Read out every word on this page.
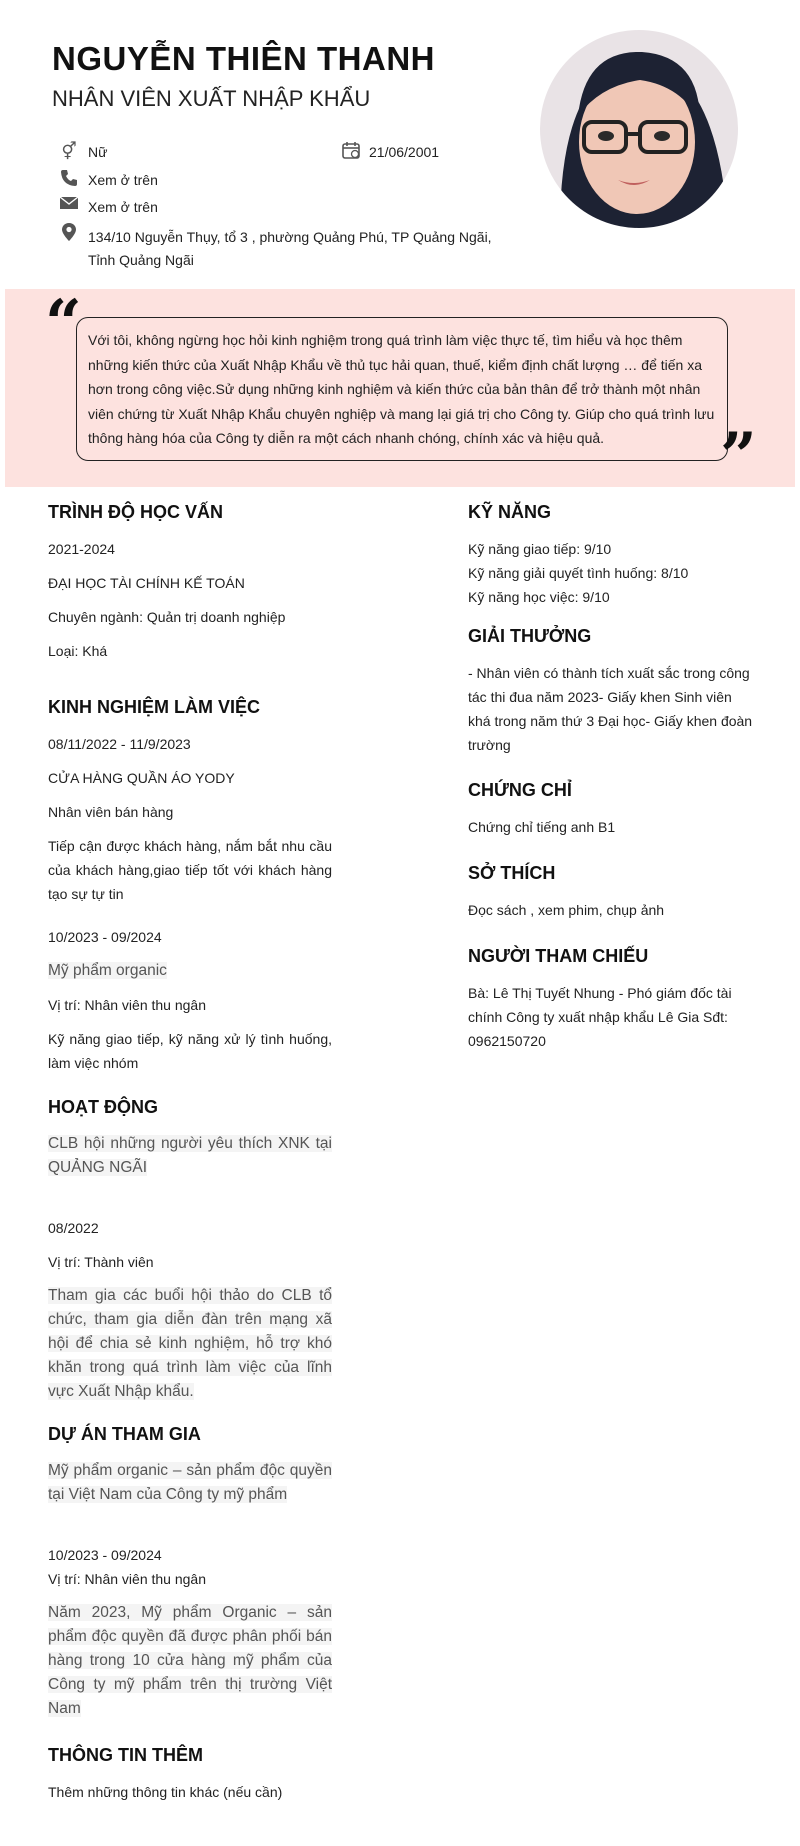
NGUYỄN THIÊN THANH
NHÂN VIÊN XUẤT NHẬP KHẨU
⚥ Nữ	21/06/2001
Xem ở trên
Xem ở trên
134/10 Nguyễn Thụy, tổ 3 , phường Quảng Phú, TP Quảng Ngãi, Tỉnh Quảng Ngãi
“
”
Với tôi, không ngừng học hỏi kinh nghiệm trong quá trình làm việc thực tế, tìm hiểu và học thêm những kiến thức của Xuất Nhập Khẩu về thủ tục hải quan, thuế, kiểm định chất lượng … để tiến xa hơn trong công việc.Sử dụng những kinh nghiệm và kiến thức của bản thân để trở thành một nhân viên chứng từ Xuất Nhập Khẩu chuyên nghiệp và mang lại giá trị cho Công ty. Giúp cho quá trình lưu thông hàng hóa của Công ty diễn ra một cách nhanh chóng, chính xác và hiệu quả.
TRÌNH ĐỘ HỌC VẤN
2021-2024
ĐẠI HỌC TÀI CHÍNH KẾ TOÁN
Chuyên ngành: Quản trị doanh nghiệp
Loại: Khá
KINH NGHIỆM LÀM VIỆC
08/11/2022 - 11/9/2023
CỬA HÀNG QUẦN ÁO YODY
Nhân viên bán hàng
Tiếp cận được khách hàng, nắm bắt nhu cầu của khách hàng,giao tiếp tốt với khách hàng tạo sự tự tin
10/2023 - 09/2024
Mỹ phẩm organic
Vị trí: Nhân viên thu ngân
Kỹ năng giao tiếp, kỹ năng xử lý tình huống, làm việc nhóm
HOẠT ĐỘNG
CLB hội những người yêu thích XNK tại QUẢNG NGÃI
08/2022
Vị trí: Thành viên
Tham gia các buổi hội thảo do CLB tổ chức, tham gia diễn đàn trên mạng xã hội để chia sẻ kinh nghiệm, hỗ trợ khó khăn trong quá trình làm việc của lĩnh vực Xuất Nhập khẩu.
DỰ ÁN THAM GIA
Mỹ phẩm organic – sản phẩm độc quyền tại Việt Nam của Công ty mỹ phẩm
10/2023 - 09/2024
Vị trí: Nhân viên thu ngân
Năm 2023, Mỹ phẩm Organic – sản phẩm độc quyền đã được phân phối bán hàng trong 10 cửa hàng mỹ phẩm của Công ty mỹ phẩm trên thị trường Việt Nam
THÔNG TIN THÊM
Thêm những thông tin khác (nếu cần)
KỸ NĂNG
Kỹ năng giao tiếp: 9/10
Kỹ năng giải quyết tình huống: 8/10
Kỹ năng học việc: 9/10
GIẢI THƯỞNG
- Nhân viên có thành tích xuất sắc trong công tác thi đua năm 2023- Giấy khen Sinh viên khá trong năm thứ 3 Đại học- Giấy khen đoàn trường
CHỨNG CHỈ
Chứng chỉ tiếng anh B1
SỞ THÍCH
Đọc sách , xem phim, chụp ảnh
NGƯỜI THAM CHIẾU
Bà: Lê Thị Tuyết Nhung - Phó giám đốc tài chính Công ty xuất nhập khẩu Lê Gia Sđt: 0962150720
